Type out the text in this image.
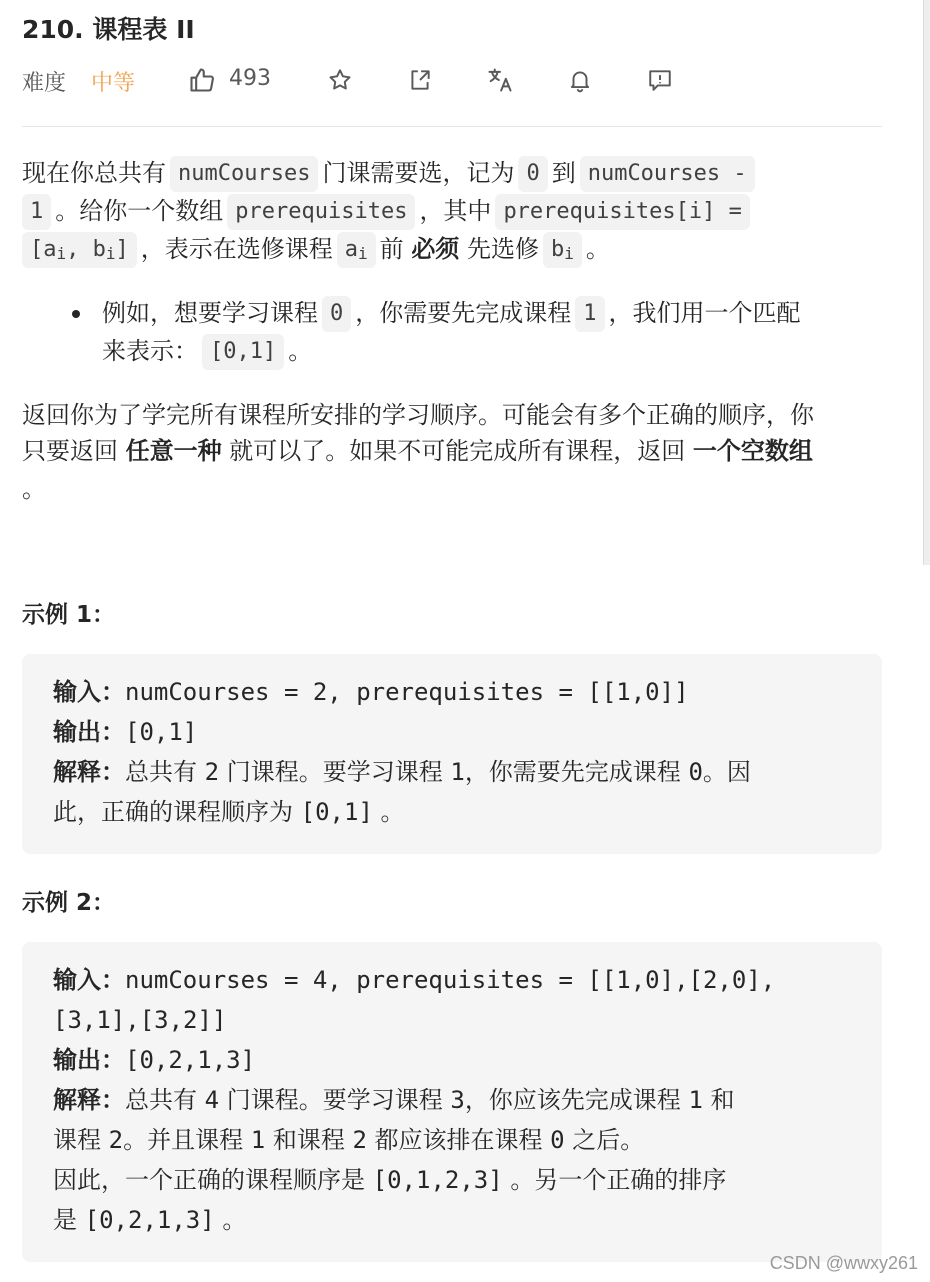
210. 课程表 II
难度 中等	493
现在你总共有 numCourses 门课需要选，记为 0 到 numCourses -
1 。给你一个数组 prerequisites ，其中 prerequisites[i] =
[$a_i$, $b_i$] ，表示在选修课程 $a_i$ 前 必须 先选修 $b_i$ 。
例如，想要学习课程 0 ，你需要先完成课程 1 ，我们用一个匹配
来表示： [0,1] 。
返回你为了学完所有课程所安排的学习顺序。可能会有多个正确的顺序，你
只要返回 任意一种 就可以了。如果不可能完成所有课程，返回 一个空数组
。
示例 1：
输入：numCourses = 2, prerequisites = [[1,0]]
输出：[0,1]
解释：总共有 2 门课程。要学习课程 1，你需要先完成课程 0。因
此，正确的课程顺序为 [0,1] 。
示例 2：
输入：numCourses = 4, prerequisites = [[1,0],[2,0],
[3,1],[3,2]]
输出：[0,2,1,3]
解释：总共有 4 门课程。要学习课程 3，你应该先完成课程 1 和
课程 2。并且课程 1 和课程 2 都应该排在课程 0 之后。
因此，一个正确的课程顺序是 [0,1,2,3] 。另一个正确的排序
是 [0,2,1,3] 。
CSDN @wwxy261
